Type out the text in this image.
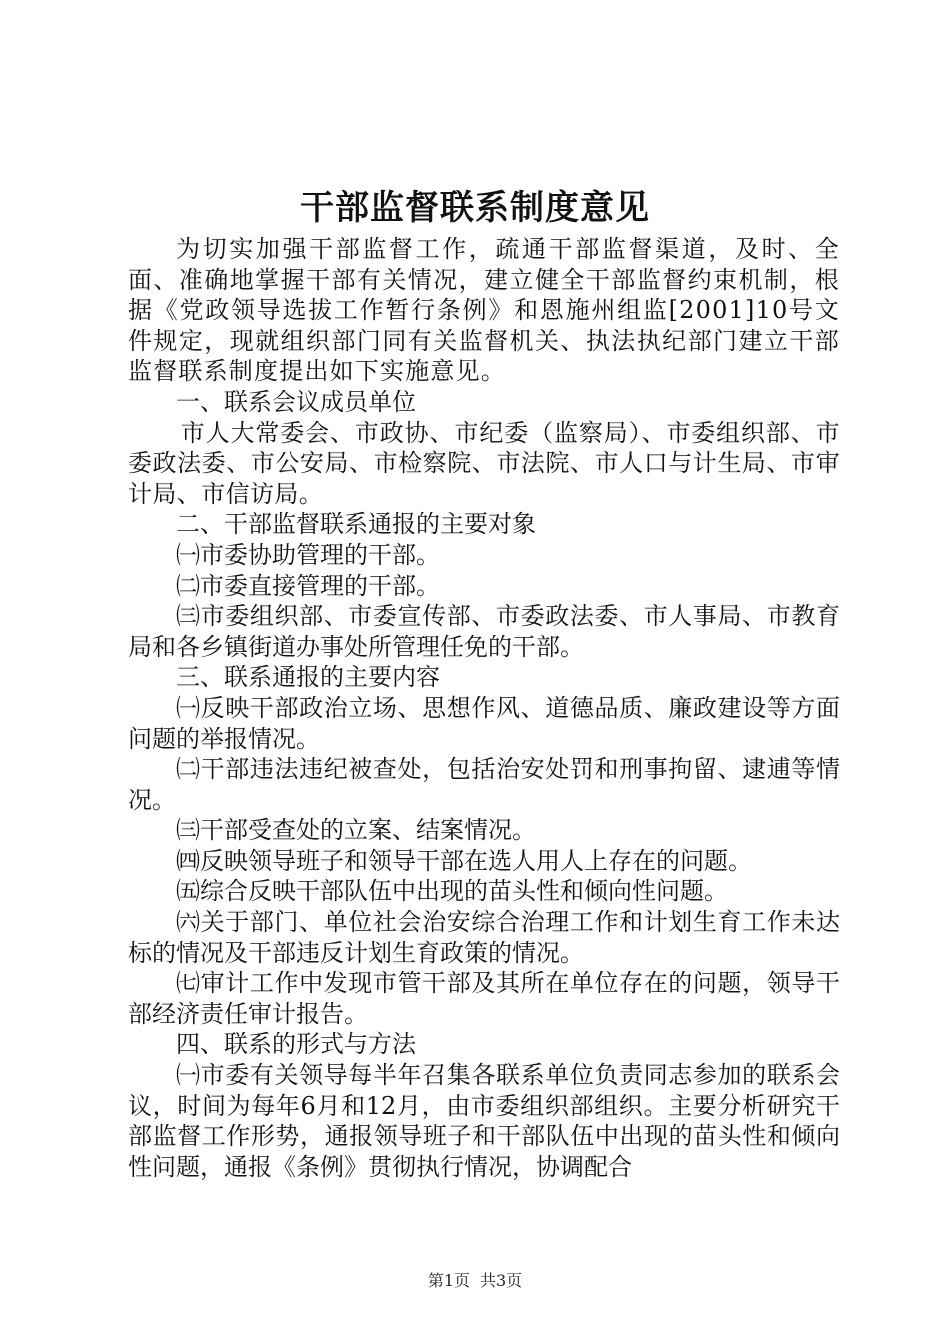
干部监督联系制度意见

为切实加强干部监督工作，疏通干部监督渠道，及时、全面、准确地掌握干部有关情况，建立健全干部监督约束机制，根据《党政领导选拔工作暂行条例》和恩施州组监[2001]10号文件规定，现就组织部门同有关监督机关、执法执纪部门建立干部监督联系制度提出如下实施意见。

一、联系会议成员单位

市人大常委会、市政协、市纪委（监察局）、市委组织部、市委政法委、市公安局、市检察院、市法院、市人口与计生局、市审计局、市信访局。

二、干部监督联系通报的主要对象

㈠市委协助管理的干部。

㈡市委直接管理的干部。

㈢市委组织部、市委宣传部、市委政法委、市人事局、市教育局和各乡镇街道办事处所管理任免的干部。

三、联系通报的主要内容

㈠反映干部政治立场、思想作风、道德品质、廉政建设等方面问题的举报情况。

㈡干部违法违纪被查处，包括治安处罚和刑事拘留、逮逋等情况。

㈢干部受查处的立案、结案情况。

㈣反映领导班子和领导干部在选人用人上存在的问题。

㈤综合反映干部队伍中出现的苗头性和倾向性问题。

㈥关于部门、单位社会治安综合治理工作和计划生育工作未达标的情况及干部违反计划生育政策的情况。

㈦审计工作中发现市管干部及其所在单位存在的问题，领导干部经济责任审计报告。

四、联系的形式与方法

㈠市委有关领导每半年召集各联系单位负责同志参加的联系会议，时间为每年6月和12月，由市委组织部组织。主要分析研究干部监督工作形势，通报领导班子和干部队伍中出现的苗头性和倾向性问题，通报《条例》贯彻执行情况，协调配合

第1页 共3页
